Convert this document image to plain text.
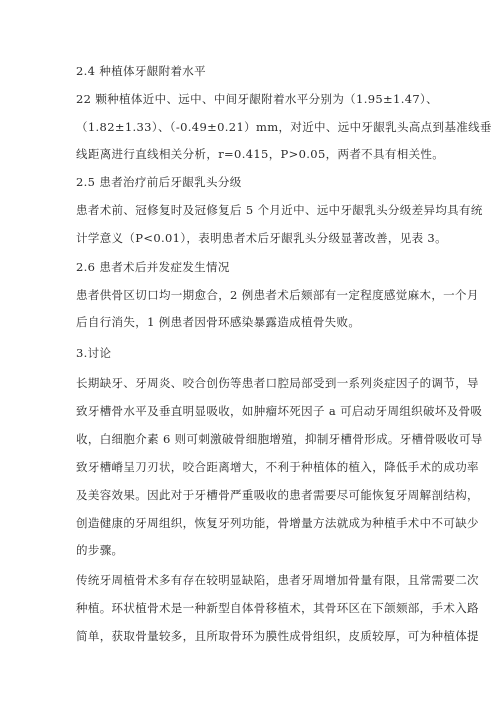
2.4 种植体牙龈附着水平
22 颗种植体近中、远中、中间牙龈附着水平分别为（1.95±1.47）、
（1.82±1.33）、（-0.49±0.21）mm，对近中、远中牙龈乳头高点到基准线垂
线距离进行直线相关分析，r=0.415，P>0.05，两者不具有相关性。
2.5 患者治疗前后牙龈乳头分级
患者术前、冠修复时及冠修复后 5 个月近中、远中牙龈乳头分级差异均具有统
计学意义（P<0.01），表明患者术后牙龈乳头分级显著改善，见表 3。
2.6 患者术后并发症发生情况
患者供骨区切口均一期愈合，2 例患者术后颏部有一定程度感觉麻木，一个月
后自行消失，1 例患者因骨环感染暴露造成植骨失败。
3.讨论
长期缺牙、牙周炎、咬合创伤等患者口腔局部受到一系列炎症因子的调节，导
致牙槽骨水平及垂直明显吸收，如肿瘤坏死因子 a 可启动牙周组织破坏及骨吸
收，白细胞介素 6 则可刺激破骨细胞增殖，抑制牙槽骨形成。牙槽骨吸收可导
致牙槽嵴呈刀刃状，咬合距离增大，不利于种植体的植入，降低手术的成功率
及美容效果。因此对于牙槽骨严重吸收的患者需要尽可能恢复牙周解剖结构，
创造健康的牙周组织，恢复牙列功能，骨增量方法就成为种植手术中不可缺少
的步骤。
传统牙周植骨术多有存在较明显缺陷，患者牙周增加骨量有限，且常需要二次
种植。环状植骨术是一种新型自体骨移植术，其骨环区在下颌颏部，手术入路
简单，获取骨量较多，且所取骨环为膜性成骨组织，皮质较厚，可为种植体提
